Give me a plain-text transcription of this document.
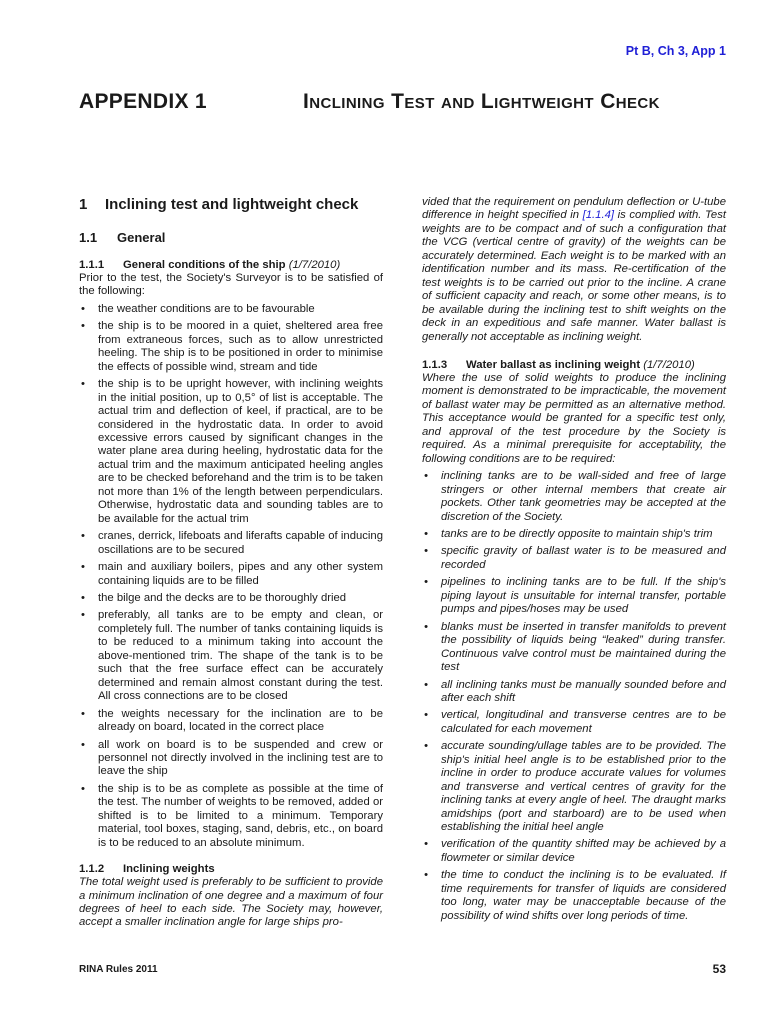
Pt B, Ch 3, App 1
APPENDIX 1	Inclining Test and Lightweight Check
1 Inclining test and lightweight check
1.1 General
1.1.1 General conditions of the ship (1/7/2010)

Prior to the test, the Society's Surveyor is to be satisfied of the following:

• the weather conditions are to be favourable
• the ship is to be moored in a quiet, sheltered area free from extraneous forces, such as to allow unrestricted heeling. The ship is to be positioned in order to minimise the effects of possible wind, stream and tide
• the ship is to be upright however, with inclining weights in the initial position, up to 0,5° of list is acceptable. The actual trim and deflection of keel, if practical, are to be considered in the hydrostatic data. In order to avoid excessive errors caused by significant changes in the water plane area during heeling, hydrostatic data for the actual trim and the maximum anticipated heeling angles are to be checked beforehand and the trim is to be taken not more than 1% of the length between perpendiculars. Otherwise, hydrostatic data and sounding tables are to be available for the actual trim
• cranes, derrick, lifeboats and liferafts capable of inducing oscillations are to be secured
• main and auxiliary boilers, pipes and any other system containing liquids are to be filled
• the bilge and the decks are to be thoroughly dried
• preferably, all tanks are to be empty and clean, or completely full. The number of tanks containing liquids is to be reduced to a minimum taking into account the above-mentioned trim. The shape of the tank is to be such that the free surface effect can be accurately determined and remain almost constant during the test. All cross connections are to be closed
• the weights necessary for the inclination are to be already on board, located in the correct place
• all work on board is to be suspended and crew or personnel not directly involved in the inclining test are to leave the ship
• the ship is to be as complete as possible at the time of the test. The number of weights to be removed, added or shifted is to be limited to a minimum. Temporary material, tool boxes, staging, sand, debris, etc., on board is to be reduced to an absolute minimum.
1.1.2 Inclining weights

The total weight used is preferably to be sufficient to provide a minimum inclination of one degree and a maximum of four degrees of heel to each side. The Society may, however, accept a smaller inclination angle for large ships pro-

vided that the requirement on pendulum deflection or U-tube difference in height specified in [1.1.4] is complied with. Test weights are to be compact and of such a configuration that the VCG (vertical centre of gravity) of the weights can be accurately determined. Each weight is to be marked with an identification number and its mass. Re-certification of the test weights is to be carried out prior to the incline. A crane of sufficient capacity and reach, or some other means, is to be available during the inclining test to shift weights on the deck in an expeditious and safe manner. Water ballast is generally not acceptable as inclining weight.

1.1.3 Water ballast as inclining weight (1/7/2010)

Where the use of solid weights to produce the inclining moment is demonstrated to be impracticable, the movement of ballast water may be permitted as an alternative method. This acceptance would be granted for a specific test only, and approval of the test procedure by the Society is required. As a minimal prerequisite for acceptability, the following conditions are to be required:

• inclining tanks are to be wall-sided and free of large stringers or other internal members that create air pockets. Other tank geometries may be accepted at the discretion of the Society.
• tanks are to be directly opposite to maintain ship's trim
• specific gravity of ballast water is to be measured and recorded
• pipelines to inclining tanks are to be full. If the ship's piping layout is unsuitable for internal transfer, portable pumps and pipes/hoses may be used
• blanks must be inserted in transfer manifolds to prevent the possibility of liquids being “leaked” during transfer. Continuous valve control must be maintained during the test
• all inclining tanks must be manually sounded before and after each shift
• vertical, longitudinal and transverse centres are to be calculated for each movement
• accurate sounding/ullage tables are to be provided. The ship's initial heel angle is to be established prior to the incline in order to produce accurate values for volumes and transverse and vertical centres of gravity for the inclining tanks at every angle of heel. The draught marks amidships (port and starboard) are to be used when establishing the initial heel angle
• verification of the quantity shifted may be achieved by a flowmeter or similar device
• the time to conduct the inclining is to be evaluated. If time requirements for transfer of liquids are considered too long, water may be unacceptable because of the possibility of wind shifts over long periods of time.
RINA Rules 2011	53
